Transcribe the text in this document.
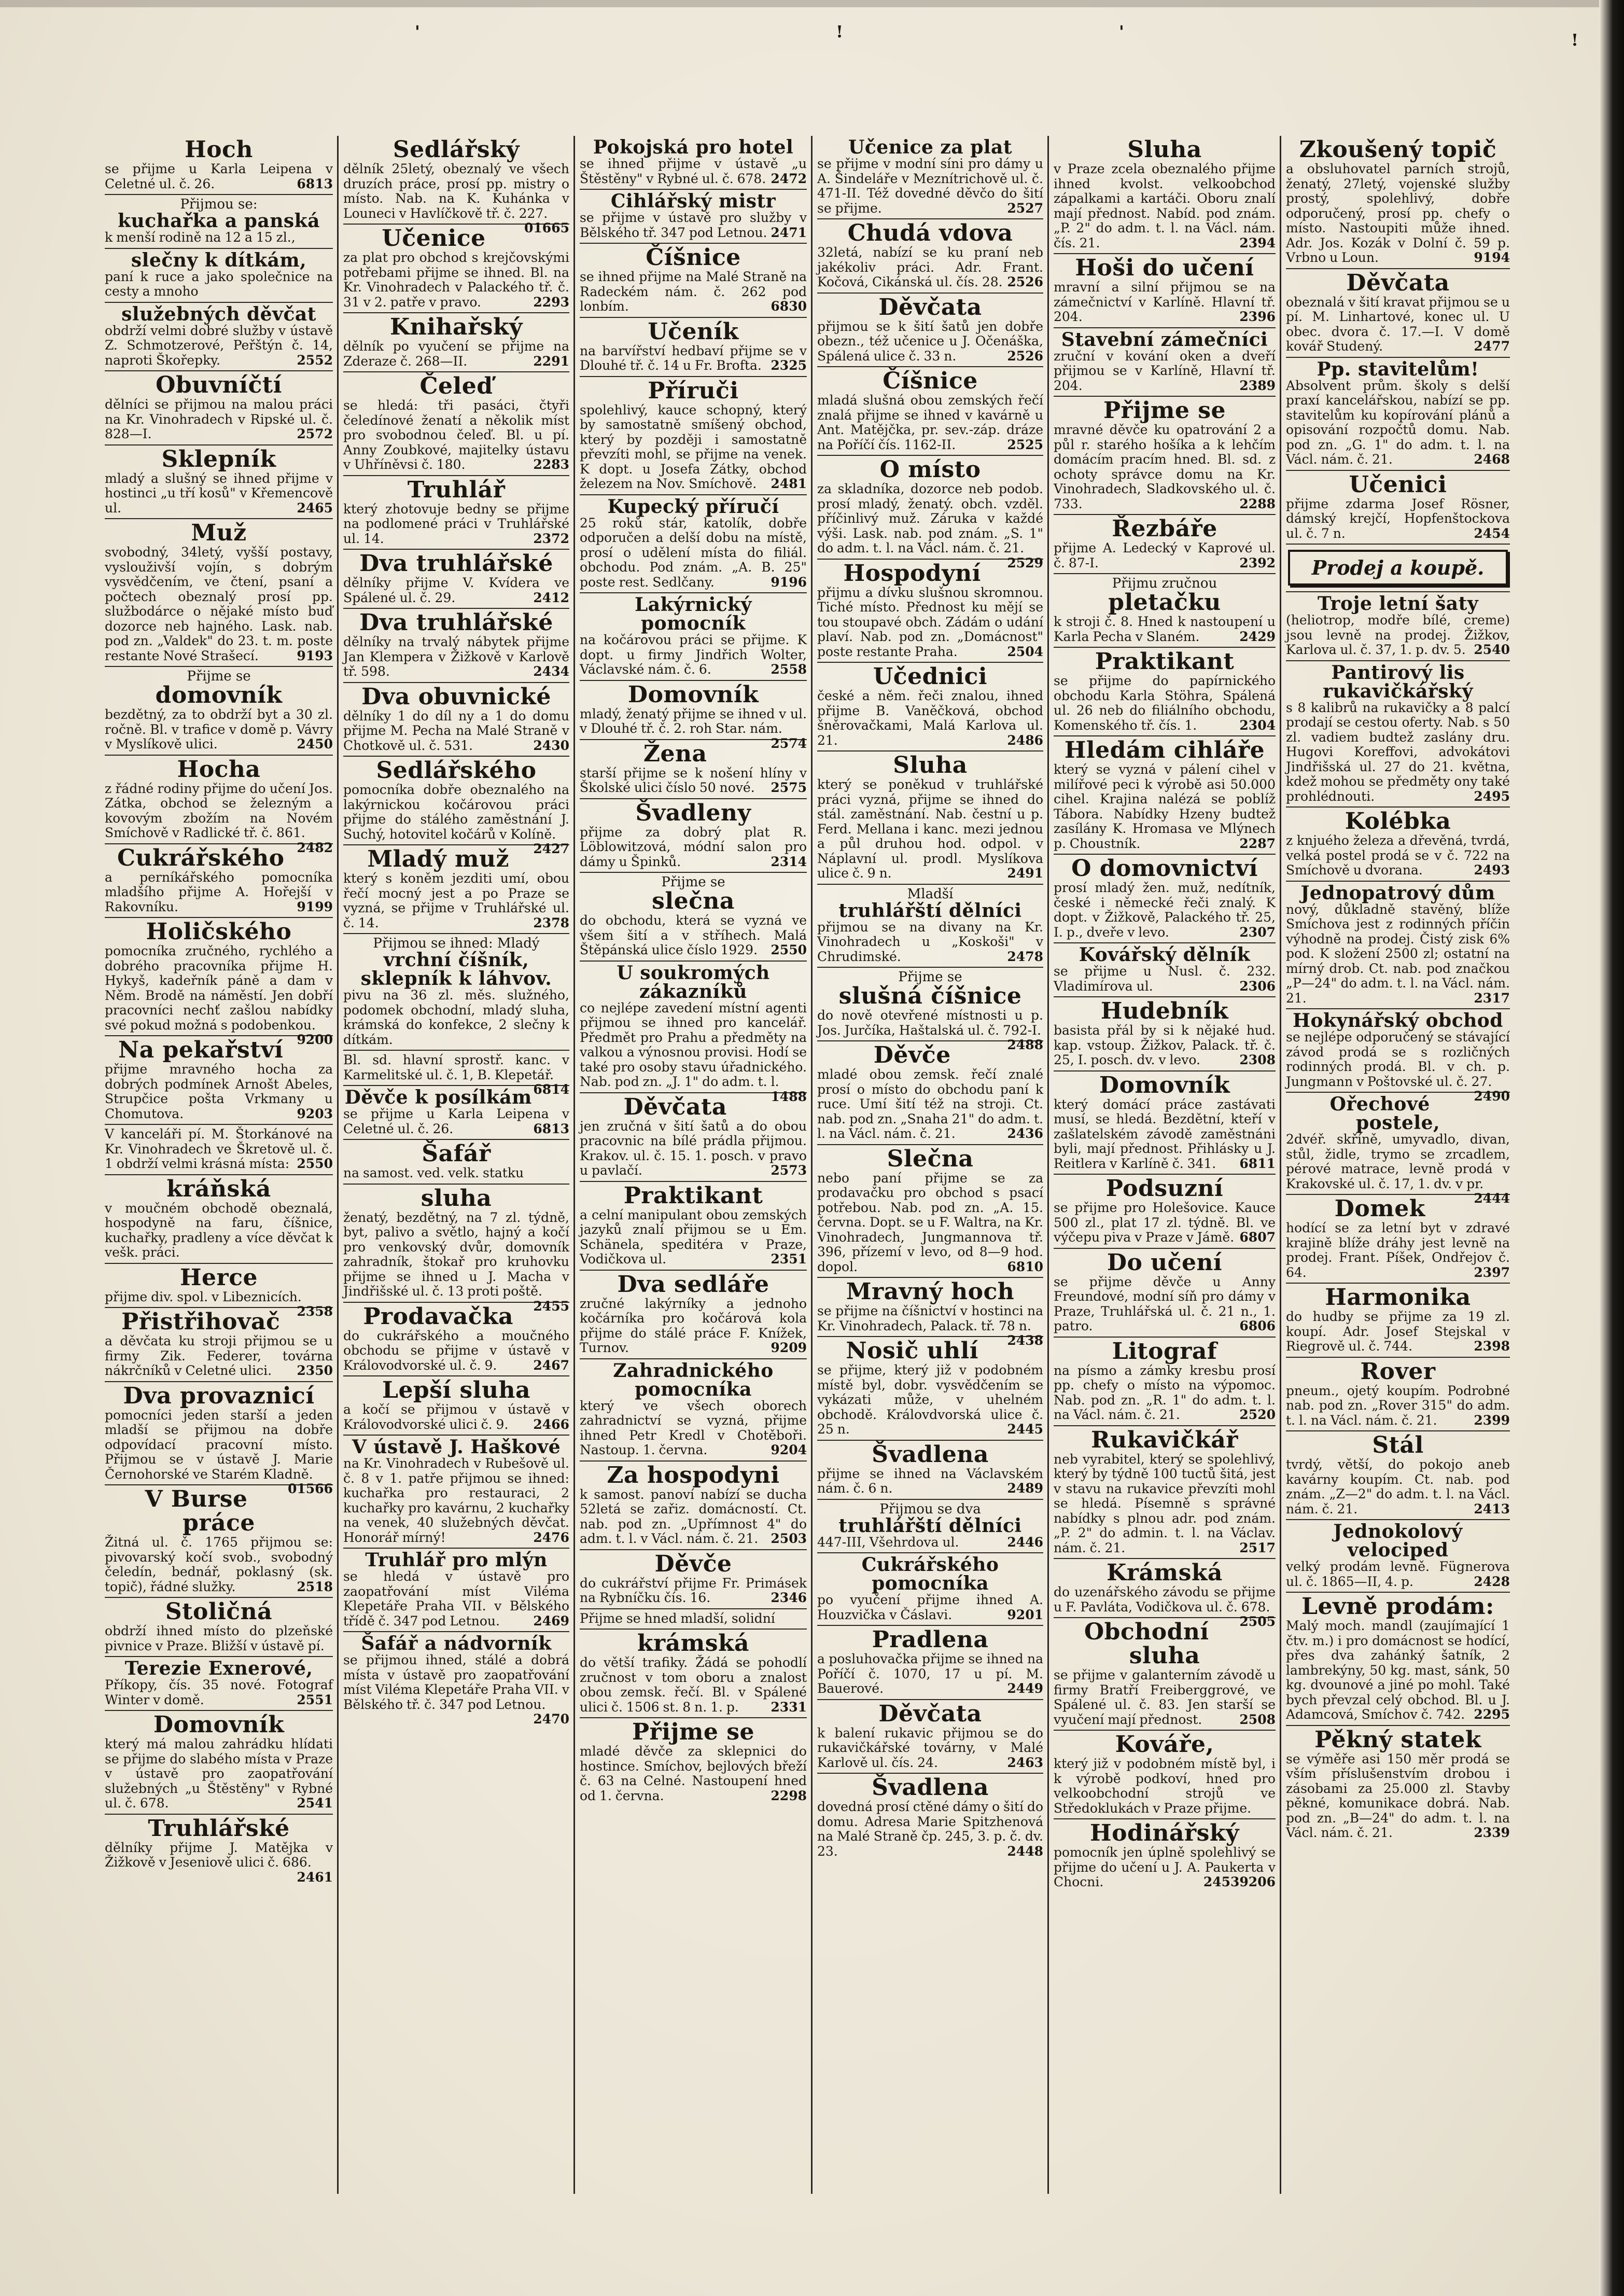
'	!	'	!
Hoch
se přijme u Karla Leipena v Celetné ul. č. 26.	6813
Přijmou se:
kuchařka a panská
k menší rodině na 12 a 15 zl.,
slečny k dítkám,
paní k ruce a jako společnice na cesty a mnoho
služebných děvčat
obdrží velmi dobré služby v ústavě Z. Schmotzerové, Peřštýn č. 14, naproti Škořepky.	2552
Obuvníčtí
dělníci se přijmou na malou práci na Kr. Vinohradech v Ripské ul. č. 828—I.	2572
Sklepník
mladý a slušný se ihned přijme v hostinci „u tří kosů" v Křemencově ul.	2465
Muž
svobodný, 34letý, vyšší postavy, vyslouživší vojín, s dobrým vysvědčením, ve čtení, psaní a počtech obeznalý prosí pp. službodárce o nějaké místo buď dozorce neb hajného. Lask. nab. pod zn. „Valdek" do 23. t. m. poste restante Nové Strašecí.	9193
Přijme se
domovník
bezdětný, za to obdrží byt a 30 zl. ročně. Bl. v trafice v domě p. Vávry v Myslíkově ulici.	2450
Hocha
z řádné rodiny přijme do učení Jos. Zátka, obchod se železným a kovovým zbožím na Novém Smíchově v Radlické tř. č. 861.
2482
Cukrářského
a perníkářského pomocníka mladšího přijme A. Hořejší v Rakovníku.	9199
Holičského
pomocníka zručného, rychlého a dobrého pracovníka přijme H. Hykyš, kadeřník páně a dam v Něm. Brodě na náměstí. Jen dobří pracovníci nechť zašlou nabídky své pokud možná s podobenkou.
9200
Na pekařství
přijme mravného hocha za dobrých podmínek Arnošt Abeles, Strupčice pošta Vrkmany u Chomutova.	9203
V kanceláři pí. M. Štorkánové na Kr. Vinohradech ve Škretově ul. č. 1 obdrží velmi krásná místa: 2550
kráňská
v moučném obchodě obeznalá, hospodyně na faru, číšnice, kuchařky, pradleny a více děvčat k vešk. práci.
Herce
přijme div. spol. v Libeznicích.
2358
Přistřihovač
a děvčata ku stroji přijmou se u firmy Zik. Federer, továrna nákrčníků v Celetné ulici. 2350
Dva provaznicí
pomocníci jeden starší a jeden mladší se přijmou na dobře odpovídací pracovní místo. Přijmou se v ústavě J. Marie Černohorské ve Starém Kladně.
01566
V Burse práce
Žitná ul. č. 1765 přijmou se: pivovarský kočí svob., svobodný čeledín, bednář, poklasný (sk. topič), řádné služky.	2518
Stoličná
obdrží ihned místo do plzeňské pivnice v Praze. Bližší v ústavě pí.
Terezie Exnerové,
Příkopy, čís. 35 nové. Fotograf Winter v domě.	2551
Domovník
který má malou zahrádku hlídati se přijme do slabého místa v Praze v ústavě pro zaopatřování služebných „u Štěstěny" v Rybné ul. č. 678.	2541
Truhlářské
dělníky přijme J. Matějka v Žižkově v Jeseniově ulici č. 686.
2461
Sedlářský
dělník 25letý, obeznalý ve všech druzích práce, prosí pp. mistry o místo. Nab. na K. Kuhánka v Louneci v Havlíčkově tř. č. 227.
01665
Učenice
za plat pro obchod s krejčovskými potřebami přijme se ihned. Bl. na Kr. Vinohradech v Palackého tř. č. 31 v 2. patře v pravo.	2293
Knihařský
dělník po vyučení se přijme na Zderaze č. 268—II.	2291
Čeleď
se hledá: tři pasáci, čtyři čeledínové ženatí a několik míst pro svobodnou čeleď. Bl. u pí. Anny Zoubkové, majitelky ústavu v Uhříněvsi č. 180.	2283
Truhlář
který zhotovuje bedny se přijme na podlomené práci v Truhlářské ul. 14.	2372
Dva truhlářské
dělníky přijme V. Kvídera ve Spálené ul. č. 29.	2412
Dva truhlářské
dělníky na trvalý nábytek přijme Jan Klempera v Žižkově v Karlově tř. 598.	2434
Dva obuvnické
dělníky 1 do díl ny a 1 do domu přijme M. Pecha na Malé Straně v Chotkově ul. č. 531.	2430
Sedlářského
pomocníka dobře obeznalého na lakýrnickou kočárovou práci přijme do stálého zaměstnání J. Suchý, hotovitel kočárů v Kolíně.
2427
Mladý muž
který s koněm jezditi umí, obou řečí mocný jest a po Praze se vyzná, se přijme v Truhlářské ul. č. 14.	2378
Přijmou se ihned: Mladý
vrchní číšník, sklepník k láhvov.
pivu na 36 zl. měs. služného, podomek obchodní, mladý sluha, krámská do konfekce, 2 slečny k dítkám.
Bl. sd. hlavní sprostř. kanc. v Karmelitské ul. č. 1, B. Klepetář.
6814
Děvče k posílkám
se přijme u Karla Leipena v Celetné ul. č. 26.	6813
Šafář
na samost. ved. velk. statku
sluha
ženatý, bezdětný, na 7 zl. týdně, byt, palivo a světlo, hajný a kočí pro venkovský dvůr, domovník zahradník, štokař pro kruhovku přijme se ihned u J. Macha v Jindřišské ul. č. 13 proti poště.
2455
Prodavačka
do cukrářského a moučného obchodu se přijme v ústavě v Královodvorské ul. č. 9.	2467
Lepší sluha
a kočí se přijmou v ústavě v Královodvorské ulici č. 9. 2466
V ústavě J. Haškové
na Kr. Vinohradech v Rubešově ul. č. 8 v 1. patře přijmou se ihned: kuchařka pro restauraci, 2 kuchařky pro kavárnu, 2 kuchařky na venek, 40 služebných děvčat. Honorář mírný!	2476
Truhlář pro mlýn
se hledá v ústavě pro zaopatřování míst Viléma Klepetáře Praha VII. v Bělského třídě č. 347 pod Letnou.	2469
Šafář a nádvorník
se přijmou ihned, stálé a dobrá místa v ústavě pro zaopatřování míst Viléma Klepetáře Praha VII. v Bělského tř. č. 347 pod Letnou.
2470
Pokojská pro hotel
se ihned přijme v ústavě „u Štěstěny" v Rybné ul. č. 678. 2472
Cihlářský mistr
se přijme v ústavě pro služby v Bělského tř. 347 pod Letnou. 2471
Číšnice
se ihned přijme na Malé Straně na Radeckém nám. č. 262 pod lonbím.	6830
Učeník
na barvířství hedbaví přijme se v Dlouhé tř. č. 14 u Fr. Brofta. 2325
Příruči
spolehlivý, kauce schopný, který by samostatně smíšený obchod, který by později i samostatně převzíti mohl, se přijme na venek. K dopt. u Josefa Zátky, obchod železem na Nov. Smíchově. 2481
Kupecký příručí
25 roků stár, katolík, dobře odporučen a delší dobu na místě, prosí o udělení místa do filiál. obchodu. Pod znám. „A. B. 25" poste rest. Sedlčany.	9196
Lakýrnický pomocník
na kočárovou práci se přijme. K dopt. u firmy Jindřich Wolter, Václavské nám. č. 6.	2558
Domovník
mladý, ženatý přijme se ihned v ul. v Dlouhé tř. č. 2. roh Star. nám.
2574
Žena
starší přijme se k nošení hlíny v Školské ulici číslo 50 nové. 2575
Švadleny
přijme za dobrý plat R. Löblowitzová, módní salon pro dámy u Špinků.	2314
Přijme se
slečna
do obchodu, která se vyzná ve všem šití a v stříhech. Malá Štěpánská ulice číslo 1929. 2550
U soukromých zákazníků
co nejlépe zavedení místní agenti přijmou se ihned pro kancelář. Předmět pro Prahu a předměty na valkou a výnosnou provisi. Hodí se také pro osoby stavu úřadnického. Nab. pod zn. „J. 1" do adm. t. l.
1488
Děvčata
jen zručná v šití šatů a do obou pracovnic na bílé prádla přijmou. Krakov. ul. č. 15. 1. posch. v pravo u pavlačí.	2573
Praktikant
a celní manipulant obou zemských jazyků znalí přijmou se u Em. Schänela, speditéra v Praze, Vodičkova ul.	2351
Dva sedláře
zručné lakýrníky a jednoho kočárníka pro kočárová kola přijme do stálé práce F. Knížek, Turnov.	9209
Zahradnického pomocníka
který ve všech oborech zahradnictví se vyzná, přijme ihned Petr Kredl v Chotěboři. Nastoup. 1. června.	9204
Za hospodyni
k samost. panoví nabízí se ducha 52letá se zařiz. domácností. Ct. nab. pod zn. „Upřímnost 4" do adm. t. l. v Václ. nám. č. 21. 2503
Děvče
do cukrářství přijme Fr. Primásek na Rybníčku čís. 16.	2346
Přijme se hned mladší, solidní
krámská
do větší trafiky. Žádá se pohodlí zručnost v tom oboru a znalost obou zemsk. řečí. Bl. v Spálené ulici č. 1506 st. 8 n. 1. p. 2331
Přijme se
mladé děvče za sklepnici do hostince. Smíchov, bejlových břeží č. 63 na Celné. Nastoupení hned od 1. června.	2298
Učenice za plat
se přijme v modní síni pro dámy u A. Šindeláře v Meznítrichově ul. č. 471-II. Též dovedné děvčo do šití se přijme.	2527
Chudá vdova
32letá, nabízí se ku praní neb jakékoliv práci. Adr. Frant. Kočová, Cikánská ul. čís. 28. 2526
Děvčata
přijmou se k šití šatů jen dobře obezn., též učenice u J. Očenáška, Spálená ulice č. 33 n.	2526
Číšnice
mladá slušná obou zemských řečí znalá přijme se ihned v kavárně u Ant. Matějčka, pr. sev.-záp. dráze na Poříčí čís. 1162-II.	2525
O místo
za skladníka, dozorce neb podob. prosí mladý, ženatý. obch. vzděl. příčinlivý muž. Záruka v každé výši. Lask. nab. pod znám. „S. 1" do adm. t. l. na Václ. nám. č. 21.
2529
Hospodyní
přijmu a dívku slušnou skromnou. Tiché místo. Přednost ku mějí se tou stoupavé obch. Zádám o udání plaví. Nab. pod zn. „Domácnost" poste restante Praha.	2504
Učednici
české a něm. řeči znalou, ihned přijme B. Vaněčková, obchod šněrovačkami, Malá Karlova ul. 21.	2486
Sluha
který se poněkud v truhlářské práci vyzná, přijme se ihned do stál. zaměstnání. Nab. čestní u p. Ferd. Mellana i kanc. mezi jednou a půl druhou hod. odpol. v Náplavní ul. prodl. Myslíkova ulice č. 9 n.	2491
Mladší
truhlářští dělníci
přijmou se na divany na Kr. Vinohradech u „Koskoši" v Chrudimské.	2478
Přijme se
slušná číšnice
do nově otevřené místnosti u p. Jos. Jurčíka, Haštalská ul. č. 792-I.
2488
Děvče
mladé obou zemsk. řečí znalé prosí o místo do obchodu paní k ruce. Umí šití též na stroji. Ct. nab. pod zn. „Snaha 21" do adm. t. l. na Václ. nám. č. 21.	2436
Slečna
nebo paní přijme se za prodavačku pro obchod s psací potřebou. Nab. pod zn. „A. 15. června. Dopt. se u F. Waltra, na Kr. Vinohradech, Jungmannova tř. 396, přízemí v levo, od 8—9 hod. dopol.	6810
Mravný hoch
se přijme na číšnictví v hostinci na Kr. Vinohradech, Palack. tř. 78 n.
2438
Nosič uhlí
se přijme, který již v podobném místě byl, dobr. vysvědčením se vykázati může, v uhelném obchodě. Královdvorská ulice č. 25 n.	2445
Švadlena
přijme se ihned na Václavském nám. č. 6 n.	2489
Přijmou se dva
truhlářští dělníci
447-III, Všehrdova ul.	2446
Cukrářského pomocníka
po vyučení přijme ihned A. Houzvička v Čáslavi.	9201
Pradlena
a posluhovačka přijme se ihned na Poříčí č. 1070, 17 u pí. M. Bauerové.	2449
Děvčata
k balení rukavic přijmou se do rukavičkářské továrny, v Malé Karlově ul. čís. 24.	2463
Švadlena
dovedná prosí ctěné dámy o šití do domu. Adresa Marie Spitzhenová na Malé Straně čp. 245, 3. p. č. dv. 23.	2448
Sluha
v Praze zcela obeznalého přijme ihned kvolst. velkoobchod zápalkami a kartáči. Oboru znalí mají přednost. Nabíd. pod znám. „P. 2" do adm. t. l. na Václ. nám. čís. 21.	2394
Hoši do učení
mravní a silní přijmou se na zámečnictví v Karlíně. Hlavní tř. 204.	2396
Stavební zámečníci
zruční v kování oken a dveří přijmou se v Karlíně, Hlavní tř. 204.	2389
Přijme se
mravné děvče ku opatrování 2 a půl r. starého hošíka a k lehčím domácím pracím hned. Bl. sd. z ochoty správce domu na Kr. Vinohradech, Sladkovského ul. č. 733.	2288
Řezbáře
přijme A. Ledecký v Kaprové ul. č. 87-I.	2392
Přijmu zručnou
pletačku
k stroji č. 8. Hned k nastoupení u Karla Pecha v Slaném.	2429
Praktikant
se přijme do papírnického obchodu Karla Stöhra, Spálená ul. 26 neb do filiálního obchodu, Komenského tř. čís. 1.	2304
Hledám cihláře
který se vyzná v pálení cihel v milířové peci k výrobě asi 50.000 cihel. Krajina nalézá se poblíž Tábora. Nabídky Hzeny budtež zasílány K. Hromasa ve Mlýnech p. Choustník.	2287
O domovnictví
prosí mladý žen. muž, nedítník, české i německé řeči znalý. K dopt. v Žižkově, Palackého tř. 25, I. p., dveře v levo.	2307
Kovářský dělník
se přijme u Nusl. č. 232. Vladimírova ul.	2306
Hudebník
basista přál by si k nějaké hud. kap. vstoup. Žižkov, Palack. tř. č. 25, I. posch. dv. v levo.	2308
Domovník
který domácí práce zastávati musí, se hledá. Bezdětní, kteří v zašlatelském závodě zaměstnáni byli, mají přednost. Přihlásky u J. Reitlera v Karlíně č. 341. 6811
Podsuzní
se přijme pro Holešovice. Kauce 500 zl., plat 17 zl. týdně. Bl. ve výčepu piva v Praze v Jámě. 6807
Do učení
se přijme děvče u Anny Freundové, modní síň pro dámy v Praze, Truhlářská ul. č. 21 n., 1. patro.	6806
Litograf
na písmo a zámky kresbu prosí pp. chefy o místo na výpomoc. Nab. pod zn. „R. 1" do adm. t. l. na Václ. nám. č. 21.	2520
Rukavičkář
neb vyrabitel, který se spolehlivý, který by týdně 100 tuctů šitá, jest v stavu na rukavice převzíti mohl se hledá. Písemně s správné nabídky s plnou adr. pod znám. „P. 2" do admin. t. l. na Václav. nám. č. 21.	2517
Krámská
do uzenářského závodu se přijme u F. Pavláta, Vodičkova ul. č. 678.
2505
Obchodní sluha
se přijme v galanterním závodě u firmy Bratří Freiberggrové, ve Spálené ul. č. 83. Jen starší se vyučení mají přednost.	2508
Kováře,
který již v podobném místě byl, i k výrobě podkoví, hned pro velkoobchodní strojů ve Středoklukách v Praze přijme.
Hodinářský
pomocník jen úplně spolehlivý se přijme do učení u J. A. Paukerta v Chocni.	9206
2453
Zkoušený topič
a obsluhovatel parních strojů, ženatý, 27letý, vojenské služby prostý, spolehlivý, dobře odporučený, prosí pp. chefy o místo. Nastoupiti může ihned. Adr. Jos. Kozák v Dolní č. 59 p. Vrbno u Loun.	9194
Děvčata
obeznalá v šití kravat přijmou se u pí. M. Linhartové, konec ul. U obec. dvora č. 17.—I. V domě kovář Studený.	2477
Pp. stavitelům!
Absolvent prům. školy s delší praxí kancelářskou, nabízí se pp. stavitelům ku kopírování plánů a opisování rozpočtů domu. Nab. pod zn. „G. 1" do adm. t. l. na Václ. nám. č. 21.	2468
Učenici
přijme zdarma Josef Rösner, dámský krejčí, Hopfenštockova ul. č. 7 n.	2454
Prodej a koupě.
Troje letní šaty
(heliotrop, modře bílé, creme) jsou levně na prodej. Žižkov, Karlova ul. č. 37, 1. p. dv. 5. 2540
Pantirový lis rukavičkářský
s 8 kalibrů na rukavičky a 8 palcí prodají se cestou oferty. Nab. s 50 zl. vadiem budtež zaslány dru. Hugovi Koreffovi, advokátovi Jindřišská ul. 27 do 21. května, kdež mohou se předměty ony také prohlédnouti.	2495
Kolébka
z knjuého železa a dřevěná, tvrdá, velká postel prodá se v č. 722 na Smíchově u dvorana.	2493
Jednopatrový dům
nový, důkladně stavěný, blíže Smíchova jest z rodinných příčin výhodně na prodej. Čistý zisk 6% pod. K složení 2500 zl; ostatní na mírný drob. Ct. nab. pod značkou „P—24" do adm. t. l. na Václ. nám. 21.	2317
Hokynářský obchod
se nejlépe odporučený se stávající závod prodá se s rozličných rodinných prodá. Bl. v ch. p. Jungmann v Poštovské ul. č. 27.
2490
Ořechové postele,
2dvéř. skříně, umyvadlo, divan, stůl, židle, trymo se zrcadlem, pérové matrace, levně prodá v Krakovské ul. č. 17, 1. dv. v pr.
2444
Domek
hodící se za letní byt v zdravé krajině blíže dráhy jest levně na prodej. Frant. Píšek, Ondřejov č. 64.	2397
Harmonika
do hudby se přijme za 19 zl. koupí. Adr. Josef Stejskal v Riegrově ul. č. 744.	2398
Rover
pneum., ojetý koupím. Podrobné nab. pod zn. „Rover 315" do adm. t. l. na Václ. nám. č. 21.	2399
Stál
tvrdý, větší, do pokojo aneb kavárny koupím. Ct. nab. pod znám. „Z—2" do adm. t. l. na Václ. nám. č. 21.	2413
Jednokolový velociped
velký prodám levně. Fügnerova ul. č. 1865—II, 4. p.	2428
Levně prodám:
Malý moch. mandl (zaujímající 1 čtv. m.) i pro domácnost se hodící, přes dva zahánký šatník, 2 lambrekýny, 50 kg. mast, sánk, 50 kg. dvounové a jiné po mohl. Také bych převzal celý obchod. Bl. u J. Adamcová, Smíchov č. 742. 2295
Pěkný statek
se výměře asi 150 měr prodá se vším příslušenstvím drobou i zásobami za 25.000 zl. Stavby pěkné, komunikace dobrá. Nab. pod zn. „B—24" do adm. t. l. na Václ. nám. č. 21.	2339
